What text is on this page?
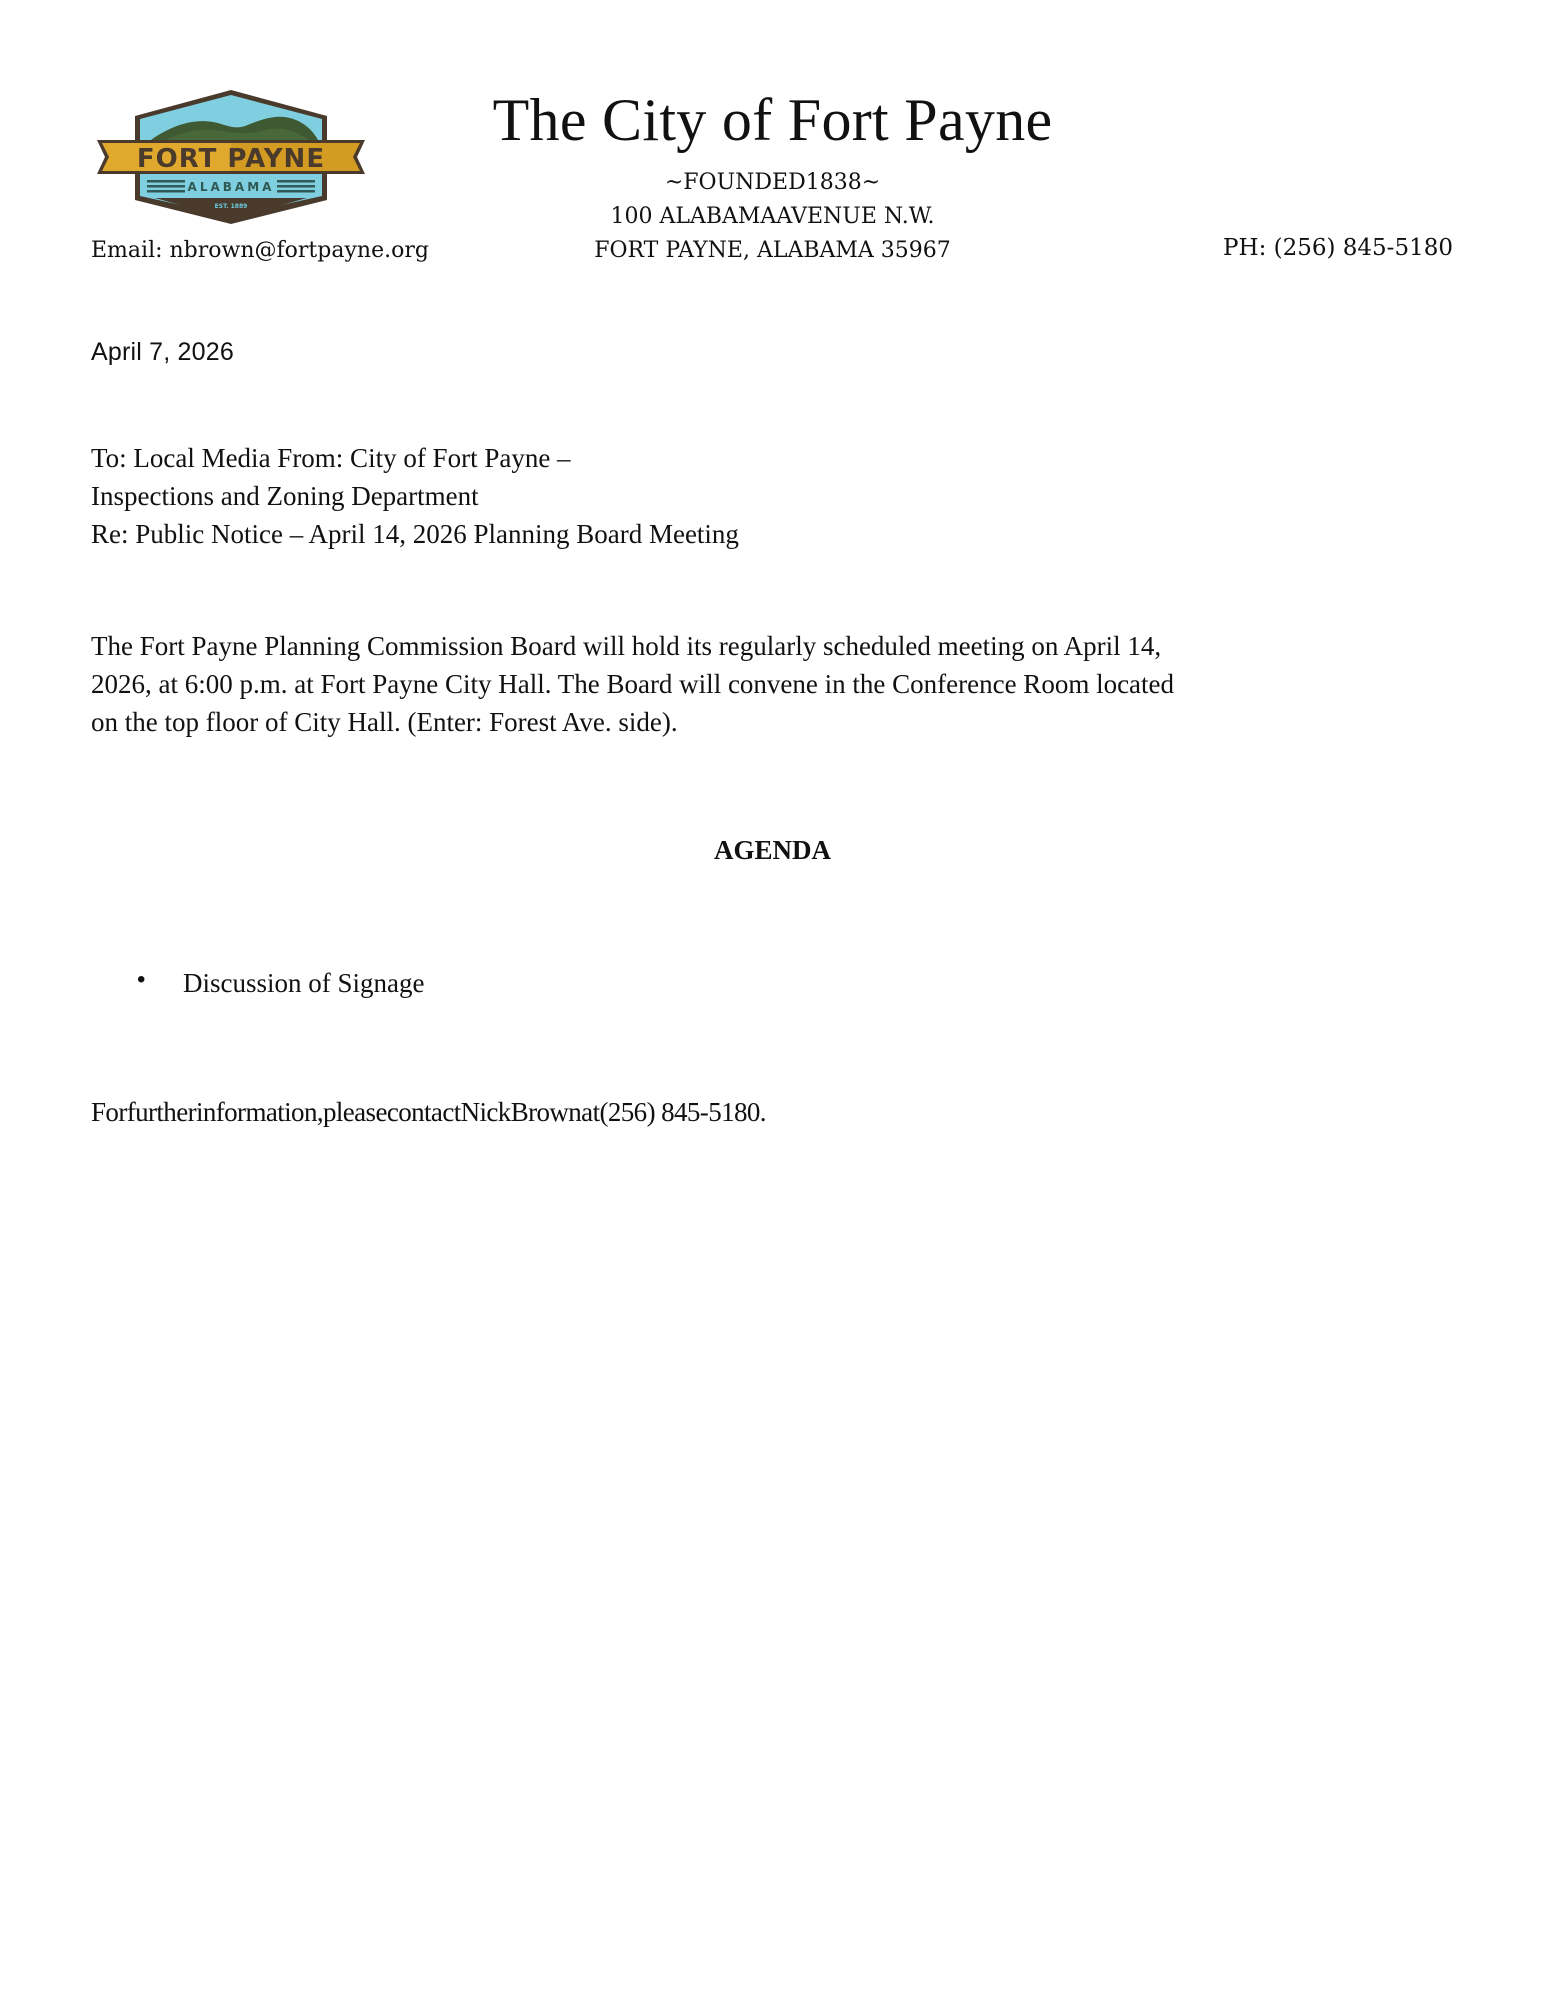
FORT PAYNE
ALABAMA
EST. 1889
The City of Fort Payne
~FOUNDED1838~
100 ALABAMAAVENUE N.W.
FORT PAYNE, ALABAMA 35967
Email: nbrown@fortpayne.org	PH: (256) 845-5180
April 7, 2026
To: Local Media From: City of Fort Payne –
Inspections and Zoning Department
Re: Public Notice – April 14, 2026 Planning Board Meeting
The Fort Payne Planning Commission Board will hold its regularly scheduled meeting on April 14,
2026, at 6:00 p.m. at Fort Payne City Hall. The Board will convene in the Conference Room located
on the top floor of City Hall. (Enter: Forest Ave. side).
AGENDA
• Discussion of Signage
Forfurtherinformation,pleasecontactNickBrownat(256) 845-5180.
